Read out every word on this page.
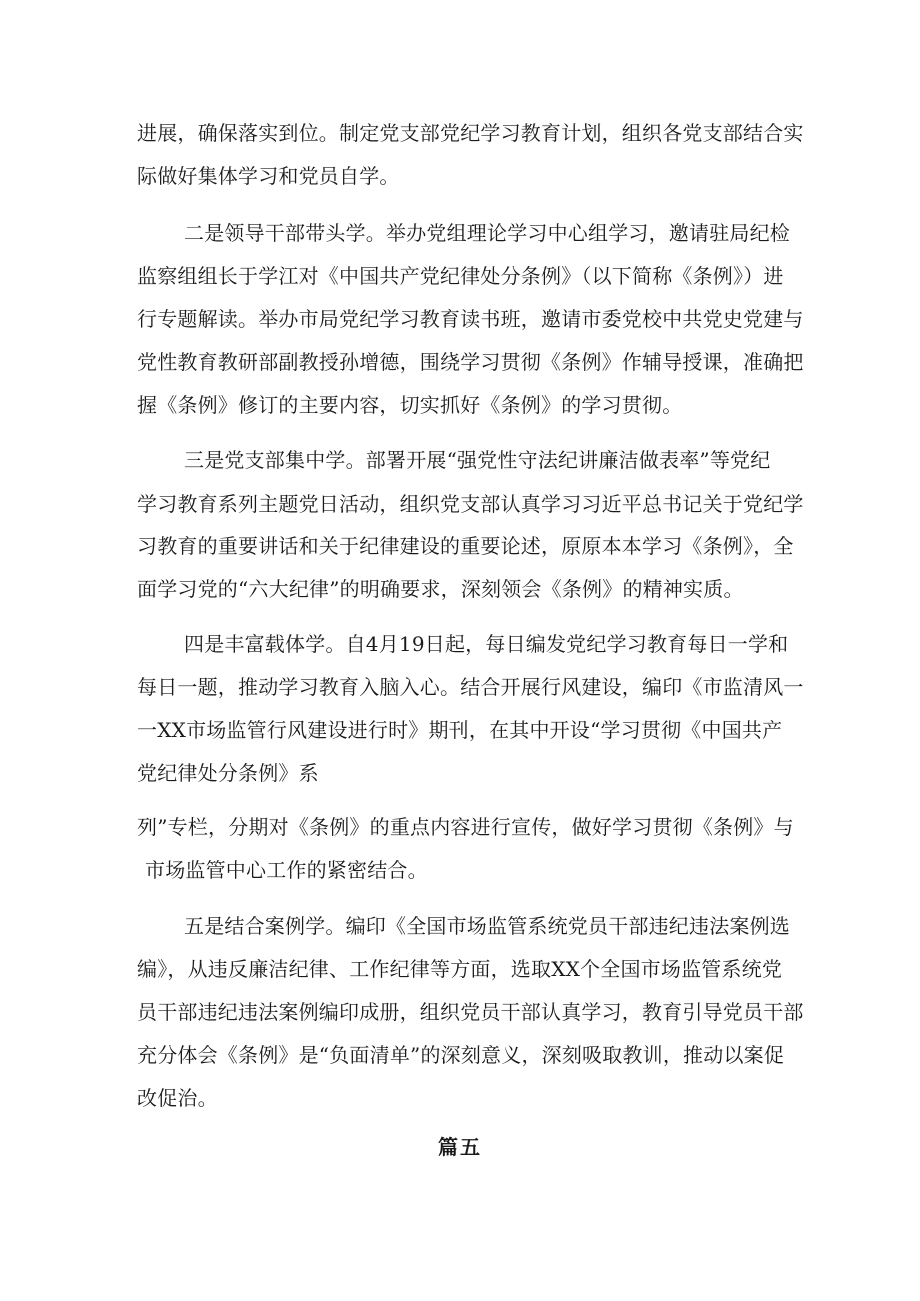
进展，确保落实到位。制定党支部党纪学习教育计划，组织各党支部结合实
际做好集体学习和党员自学。
二是领导干部带头学。举办党组理论学习中心组学习，邀请驻局纪检
监察组组长于学江对《中国共产党纪律处分条例》（以下简称《条例》）进
行专题解读。举办市局党纪学习教育读书班，邀请市委党校中共党史党建与
党性教育教研部副教授孙增德，围绕学习贯彻《条例》作辅导授课，准确把
握《条例》修订的主要内容，切实抓好《条例》的学习贯彻。
三是党支部集中学。部署开展“强党性守法纪讲廉洁做表率”等党纪
学习教育系列主题党日活动，组织党支部认真学习习近平总书记关于党纪学
习教育的重要讲话和关于纪律建设的重要论述，原原本本学习《条例》，全
面学习党的“六大纪律”的明确要求，深刻领会《条例》的精神实质。
四是丰富载体学。自4月19日起，每日编发党纪学习教育每日一学和
每日一题，推动学习教育入脑入心。结合开展行风建设，编印《市监清风一
一XX市场监管行风建设进行时》期刊，在其中开设“学习贯彻《中国共产
党纪律处分条例》系
列”专栏，分期对《条例》的重点内容进行宣传，做好学习贯彻《条例》与
市场监管中心工作的紧密结合。
五是结合案例学。编印《全国市场监管系统党员干部违纪违法案例选
编》，从违反廉洁纪律、工作纪律等方面，选取XX个全国市场监管系统党
员干部违纪违法案例编印成册，组织党员干部认真学习，教育引导党员干部
充分体会《条例》是“负面清单”的深刻意义，深刻吸取教训，推动以案促
改促治。
篇五
